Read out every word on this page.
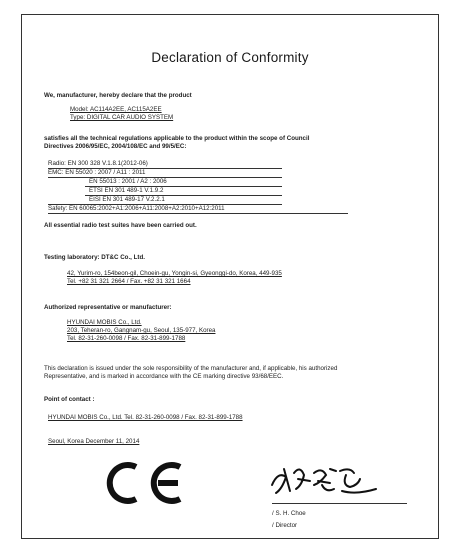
Declaration of Conformity
We, manufacturer, hereby declare that the product
Model: AC114A2EE, AC115A2EE
Type: DIGITAL CAR AUDIO SYSTEM
satisfies all the technical regulations applicable to the product within the scope of Council
Directives 2006/95/EC, 2004/108/EC and 99/5/EC:
Radio: EN 300 328 V.1.8.1(2012-06)
EMC: EN 55020 : 2007 / A11 : 2011
EN 55013 : 2001 / A2 : 2006
ETSI EN 301 489-1 V.1.9.2
EISI EN 301 489-17 V.2.2.1
Safety: EN 60065:2002+A1:2006+A11:2008+A2:2010+A12:2011
All essential radio test suites have been carried out.
Testing laboratory: DT&C Co., Ltd.
42, Yurim-ro, 154beon-gil, Choein-gu, Yongin-si, Gyeonggi-do, Korea, 449-935
Tel. +82 31 321 2664 / Fax. +82 31 321 1664
Authorized representative or manufacturer:
HYUNDAI MOBIS Co., Ltd.
203, Teheran-ro, Gangnam-gu, Seoul, 135-977, Korea
Tel. 82-31-260-0098 / Fax. 82-31-899-1788
This declaration is issued under the sole responsibility of the manufacturer and, if applicable, his authorized
Representative, and is marked in accordance with the CE marking directive 93/68/EEC.
Point of contact :
HYUNDAI MOBIS Co., Ltd. Tel. 82-31-260-0098 / Fax. 82-31-899-1788
Seoul, Korea December 11, 2014
/ S. H. Choe
/ Director
